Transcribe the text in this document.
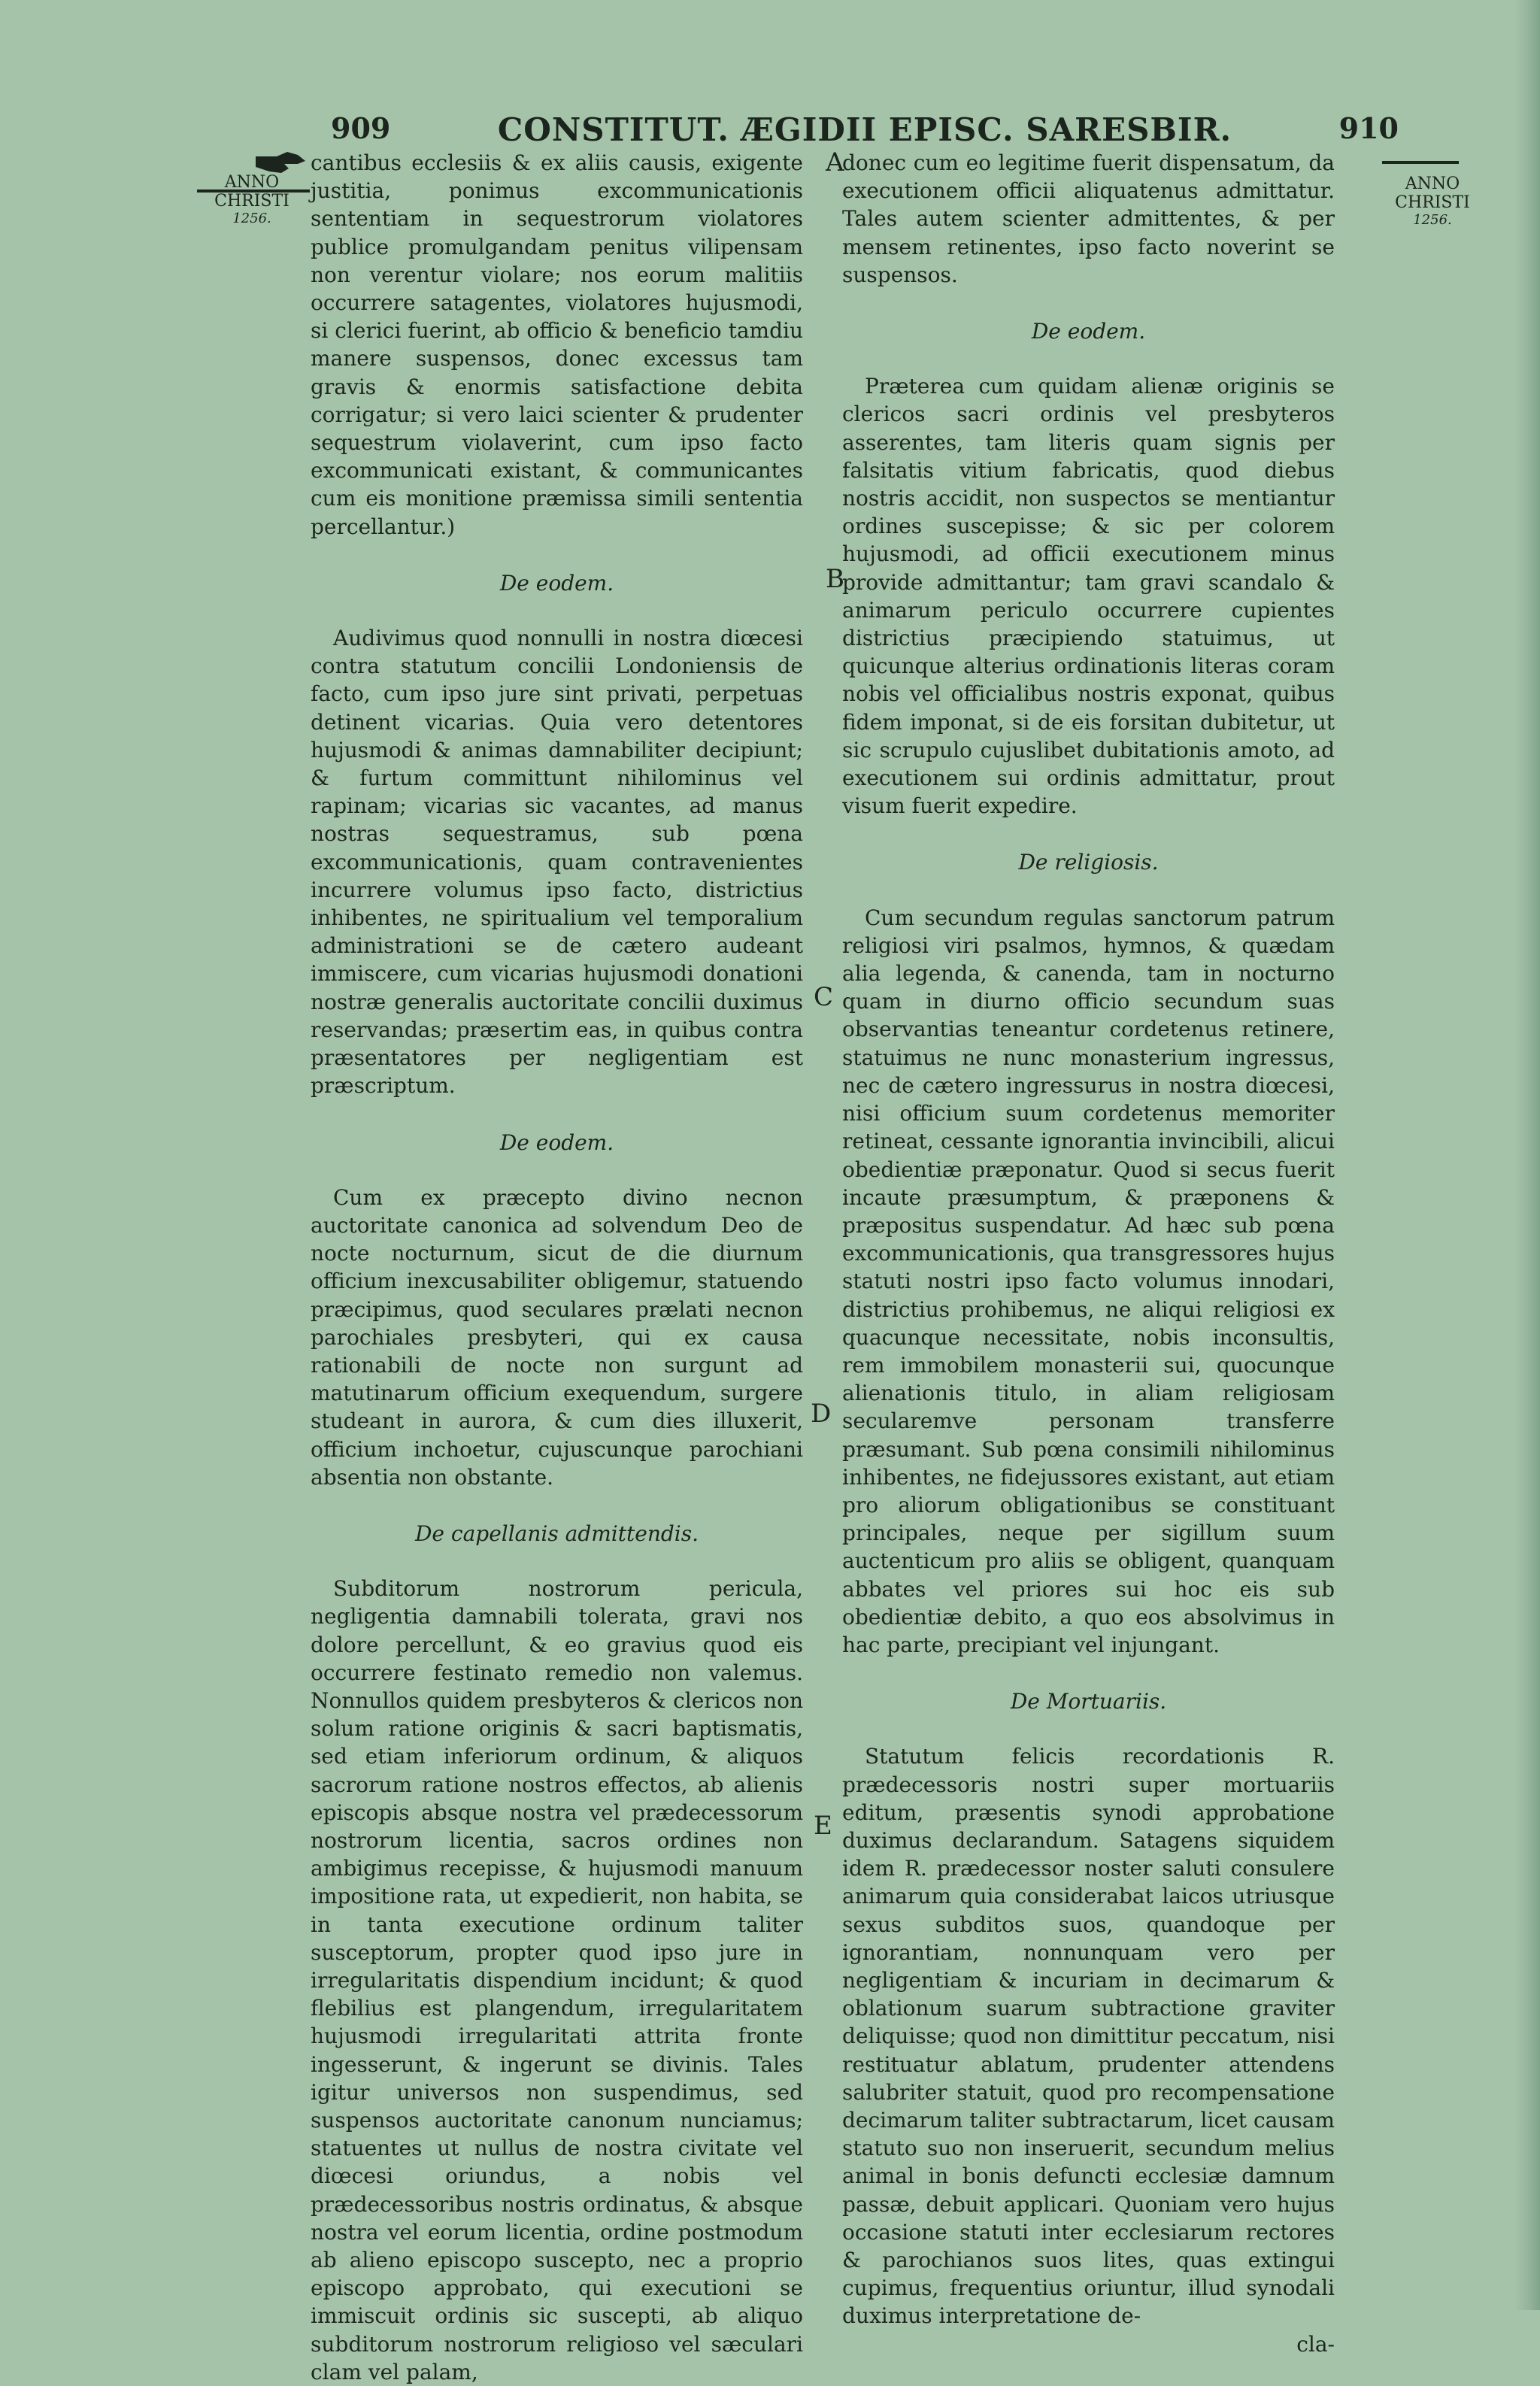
909	CONSTITUT. ÆGIDII EPISC. SARESBIR.	910
ANNO
CHRISTI
1256.
ANNO
CHRISTI
1256.
A
B
C
D
E

cantibus ecclesiis & ex aliis causis, exigente justitia, ponimus excommunicationis sententiam in sequestrorum violatores publice promulgandam penitus vilipensam non verentur violare; nos eorum malitiis occurrere satagentes, violatores hujusmodi, si clerici fuerint, ab officio & beneficio tamdiu manere suspensos, donec excessus tam gravis & enormis satisfactione debita corrigatur; si vero laici scienter & prudenter sequestrum violaverint, cum ipso facto excommunicati existant, & communicantes cum eis monitione præmissa simili sententia percellantur.)

De eodem.

Audivimus quod nonnulli in nostra diœcesi contra statutum concilii Londoniensis de facto, cum ipso jure sint privati, perpetuas detinent vicarias. Quia vero detentores hujusmodi & animas damnabiliter decipiunt; & furtum committunt nihilominus vel rapinam; vicarias sic vacantes, ad manus nostras sequestramus, sub pœna excommunicationis, quam contravenientes incurrere volumus ipso facto, districtius inhibentes, ne spiritualium vel temporalium administrationi se de cætero audeant immiscere, cum vicarias hujusmodi donationi nostræ generalis auctoritate concilii duximus reservandas; præsertim eas, in quibus contra præsentatores per negligentiam est præscriptum.

De eodem.

Cum ex præcepto divino necnon auctoritate canonica ad solvendum Deo de nocte nocturnum, sicut de die diurnum officium inexcusabiliter obligemur, statuendo præcipimus, quod seculares prælati necnon parochiales presbyteri, qui ex causa rationabili de nocte non surgunt ad matutinarum officium exequendum, surgere studeant in aurora, & cum dies illuxerit, officium inchoetur, cujuscunque parochiani absentia non obstante.

De capellanis admittendis.

Subditorum nostrorum pericula, negligentia damnabili tolerata, gravi nos dolore percellunt, & eo gravius quod eis occurrere festinato remedio non valemus. Nonnullos quidem presbyteros & clericos non solum ratione originis & sacri baptismatis, sed etiam inferiorum ordinum, & aliquos sacrorum ratione nostros effectos, ab alienis episcopis absque nostra vel prædecessorum nostrorum licentia, sacros ordines non ambigimus recepisse, & hujusmodi manuum impositione rata, ut expedierit, non habita, se in tanta executione ordinum taliter susceptorum, propter quod ipso jure in irregularitatis dispendium incidunt; & quod flebilius est plangendum, irregularitatem hujusmodi irregularitati attrita fronte ingesserunt, & ingerunt se divinis. Tales igitur universos non suspendimus, sed suspensos auctoritate canonum nunciamus; statuentes ut nullus de nostra civitate vel diœcesi oriundus, a nobis vel prædecessoribus nostris ordinatus, & absque nostra vel eorum licentia, ordine postmodum ab alieno episcopo suscepto, nec a proprio episcopo approbato, qui executioni se immiscuit ordinis sic suscepti, ab aliquo subditorum nostrorum religioso vel sæculari clam vel palam,

donec cum eo legitime fuerit dispensatum, da executionem officii aliquatenus admittatur. Tales autem scienter admittentes, & per mensem retinentes, ipso facto noverint se suspensos.

De eodem.

Præterea cum quidam alienæ originis se clericos sacri ordinis vel presbyteros asserentes, tam literis quam signis per falsitatis vitium fabricatis, quod diebus nostris accidit, non suspectos se mentiantur ordines suscepisse; & sic per colorem hujusmodi, ad officii executionem minus provide admittantur; tam gravi scandalo & animarum periculo occurrere cupientes districtius præcipiendo statuimus, ut quicunque alterius ordinationis literas coram nobis vel officialibus nostris exponat, quibus fidem imponat, si de eis forsitan dubitetur, ut sic scrupulo cujuslibet dubitationis amoto, ad executionem sui ordinis admittatur, prout visum fuerit expedire.

De religiosis.

Cum secundum regulas sanctorum patrum religiosi viri psalmos, hymnos, & quædam alia legenda, & canenda, tam in nocturno quam in diurno officio secundum suas observantias teneantur cordetenus retinere, statuimus ne nunc monasterium ingressus, nec de cætero ingressurus in nostra diœcesi, nisi officium suum cordetenus memoriter retineat, cessante ignorantia invincibili, alicui obedientiæ præponatur. Quod si secus fuerit incaute præsumptum, & præponens & præpositus suspendatur. Ad hæc sub pœna excommunicationis, qua transgressores hujus statuti nostri ipso facto volumus innodari, districtius prohibemus, ne aliqui religiosi ex quacunque necessitate, nobis inconsultis, rem immobilem monasterii sui, quocunque alienationis titulo, in aliam religiosam secularemve personam transferre præsumant. Sub pœna consimili nihilominus inhibentes, ne fidejussores existant, aut etiam pro aliorum obligationibus se constituant principales, neque per sigillum suum auctenticum pro aliis se obligent, quanquam abbates vel priores sui hoc eis sub obedientiæ debito, a quo eos absolvimus in hac parte, precipiant vel injungant.

De Mortuariis.

Statutum felicis recordationis R. prædecessoris nostri super mortuariis editum, præsentis synodi approbatione duximus declarandum. Satagens siquidem idem R. prædecessor noster saluti consulere animarum quia considerabat laicos utriusque sexus subditos suos, quandoque per ignorantiam, nonnunquam vero per negligentiam & incuriam in decimarum & oblationum suarum subtractione graviter deliquisse; quod non dimittitur peccatum, nisi restituatur ablatum, prudenter attendens salubriter statuit, quod pro recompensatione decimarum taliter subtractarum, licet causam statuto suo non inseruerit, secundum melius animal in bonis defuncti ecclesiæ damnum passæ, debuit applicari. Quoniam vero hujus occasione statuti inter ecclesiarum rectores & parochianos suos lites, quas extingui cupimus, frequentius oriuntur, illud synodali duximus interpretatione de-

cla-
